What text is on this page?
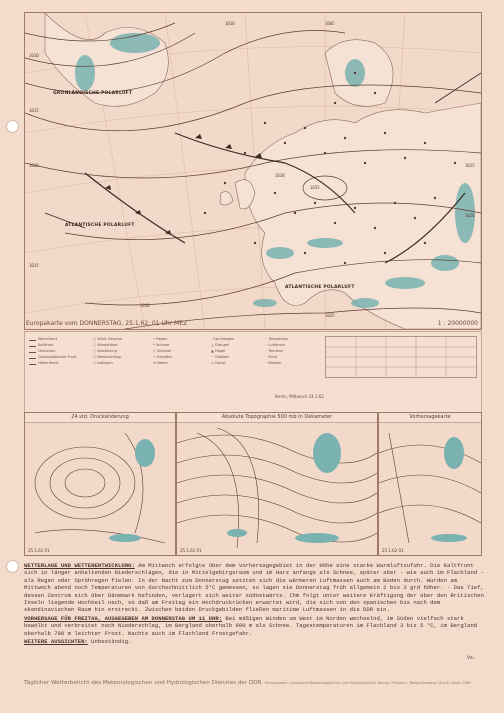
GRÖNLÄNDISCHE POLARLUFT
ATLANTISCHE POLARLUFT
ATLANTISCHE POLARLUFT
1010
1015
1020
1015
1010	1005
1030
1035
1025
1020
1030
1025
Europakarte vom DONNERSTAG, 25.1.62, 01 Uhr MEZ	1 : 20000000
Warmfront
Kaltfront
Okklusion
Quasistationäre Front
Höhenfront
○ Wind-Geschw.
○ Windstärke
○ Bewölkung
○ Niederschlag
○ Isobaren
• Regen
* Schnee
▽ Schauer
⚡ Gewitter
≡ Nebel
, Sprühregen
△ Graupel
▲ Hagel
~ Glatteis
∞ Dunst
◦ Temperatur
◦ Luftdruck
◦ Tendenz
◦ Sicht
◦ Wolken
Berlin, Mittwoch 24.1.62
24 std. Druckänderung
25.1.62 01
Absolute Topographie 500 mb in Dekameter
25.1.62 01
Vorhersagekarte
25.1.62 01

WETTERLAGE UND WETTERENTWICKLUNG: Am Mittwoch erfolgte über dem Vorhersagegebiet in der Höhe eine starke Warmluftzufuhr. Die Kaltfront sich in länger anhaltenden Niederschlägen, die in Mittelgebirgsraum und im Harz anfangs als Schnee, später aber - wie auch im Flachland - als Regen oder Sprühregen fielen. In der Nacht zum Donnerstag setzten sich die wärmeren Luftmassen auch am Boden durch. Wurden am Mittwoch abend noch Temperaturen von durchschnittlich 5°C gemessen, so lagen sie Donnerstag früh allgemein 2 bis 3 grd höher. - Das Tief, dessen Zentrum sich über Dänemark befinden, verlagert sich weiter südostwärts. Ihm folgt unter weitere Kräftigung der über den Britischen Inseln liegende Hochkeil nach, so daß am Freitag ein Hochdruckrücken erwartet wird, die sich von den spanischen bis nach dem skandinavischen Raum hin erstreckt. Zwischen beiden Druckgebilden fließen maritime Luftmassen in die DDR ein.

VORHERSAGE FÜR FREITAG, AUSGEGEBEN AM DONNERSTAG UM 11 UHR: Bei mäßigen Winden um West im Norden wechselnd, im Süden vielfach stark bewölkt und verbreitet noch Niederschlag, im Bergland oberhalb 600 m als Schnee. Tagestemperaturen im Flachland 3 bis 5 °C, im Bergland oberhalb 700 m leichter Frost. Nachts auch im Flachland Frostgefahr.

WEITERE AUSSICHTEN: Unbeständig.

Vs.
Täglicher Wetterbericht des Meteorologischen und Hydrologischen Dienstes der DDR. Herausgeber: Hauptamt Meteorologischer und Hydrologischer Dienst, Potsdam, Telegrafenberg. Druck: Berlin DDR
